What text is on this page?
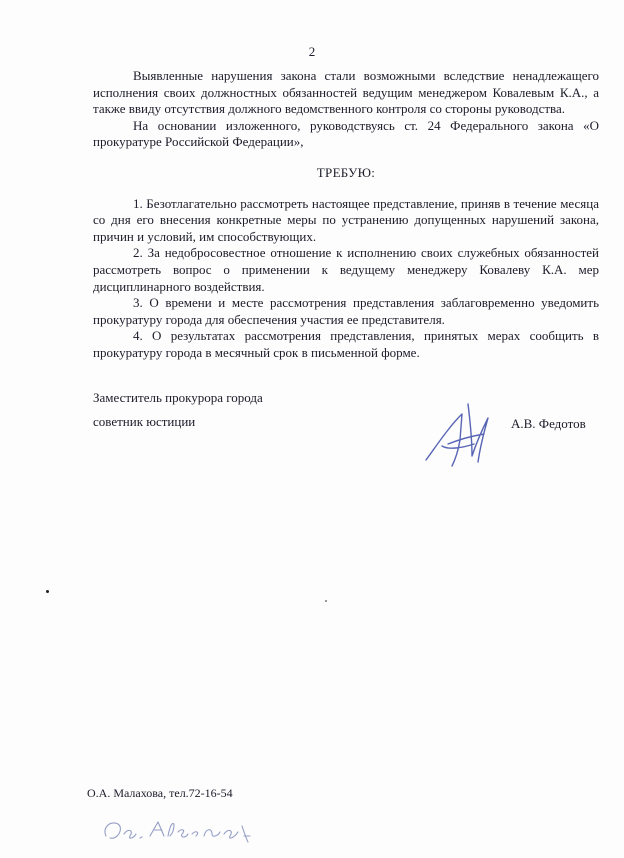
2

Выявленные нарушения закона стали возможными вследствие ненадлежащего исполнения своих должностных обязанностей ведущим менеджером Ковалевым К.А., а также ввиду отсутствия должного ведомственного контроля со стороны руководства.

На основании изложенного, руководствуясь ст. 24 Федерального закона «О прокуратуре Российской Федерации»,

ТРЕБУЮ:

1. Безотлагательно рассмотреть настоящее представление, приняв в течение месяца со дня его внесения конкретные меры по устранению допущенных нарушений закона, причин и условий, им способствующих.

2. За недобросовестное отношение к исполнению своих служебных обязанностей рассмотреть вопрос о применении к ведущему менеджеру Ковалеву К.А. мер дисциплинарного воздействия.

3. О времени и месте рассмотрения представления заблаговременно уведомить прокуратуру города для обеспечения участия ее представителя.

4. О результатах рассмотрения представления, принятых мерах сообщить в прокуратуру города в месячный срок в письменной форме.

Заместитель прокурора города
советник юстиции	А.В. Федотов
О.А. Малахова, тел.72-16-54
